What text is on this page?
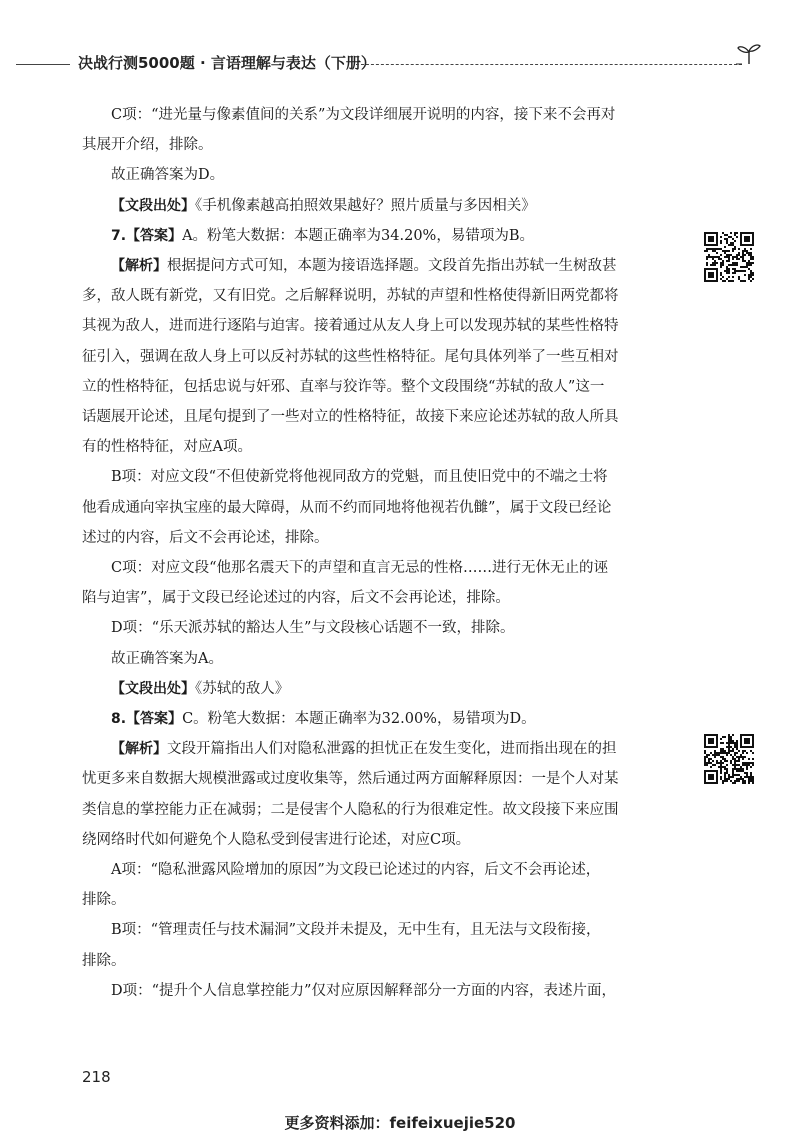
决战行测5000题 · 言语理解与表达（下册）

C项：“进光量与像素值间的关系”为文段详细展开说明的内容，接下来不会再对

其展开介绍，排除。

故正确答案为D。

【文段出处】《手机像素越高拍照效果越好？照片质量与多因相关》

7.【答案】A。粉笔大数据：本题正确率为34.20%，易错项为B。

【解析】根据提问方式可知，本题为接语选择题。文段首先指出苏轼一生树敌甚

多，敌人既有新党，又有旧党。之后解释说明，苏轼的声望和性格使得新旧两党都将

其视为敌人，进而进行逐陷与迫害。接着通过从友人身上可以发现苏轼的某些性格特

征引入，强调在敌人身上可以反衬苏轼的这些性格特征。尾句具体列举了一些互相对

立的性格特征，包括忠说与奸邪、直率与狡诈等。整个文段围绕“苏轼的敌人”这一

话题展开论述，且尾句提到了一些对立的性格特征，故接下来应论述苏轼的敌人所具

有的性格特征，对应A项。

B项：对应文段“不但使新党将他视同敌方的党魁，而且使旧党中的不端之士将

他看成通向宰执宝座的最大障碍，从而不约而同地将他视若仇雠”，属于文段已经论

述过的内容，后文不会再论述，排除。

C项：对应文段“他那名震天下的声望和直言无忌的性格……进行无休无止的诬

陷与迫害”，属于文段已经论述过的内容，后文不会再论述，排除。

D项：“乐天派苏轼的豁达人生”与文段核心话题不一致，排除。

故正确答案为A。

【文段出处】《苏轼的敌人》

8.【答案】C。粉笔大数据：本题正确率为32.00%，易错项为D。

【解析】文段开篇指出人们对隐私泄露的担忧正在发生变化，进而指出现在的担

忧更多来自数据大规模泄露或过度收集等，然后通过两方面解释原因：一是个人对某

类信息的掌控能力正在减弱；二是侵害个人隐私的行为很难定性。故文段接下来应围

绕网络时代如何避免个人隐私受到侵害进行论述，对应C项。

A项：“隐私泄露风险增加的原因”为文段已论述过的内容，后文不会再论述，

排除。

B项：“管理责任与技术漏洞”文段并未提及，无中生有，且无法与文段衔接，

排除。

D项：“提升个人信息掌控能力”仅对应原因解释部分一方面的内容，表述片面，

218
更多资料添加：feifeixuejie520
